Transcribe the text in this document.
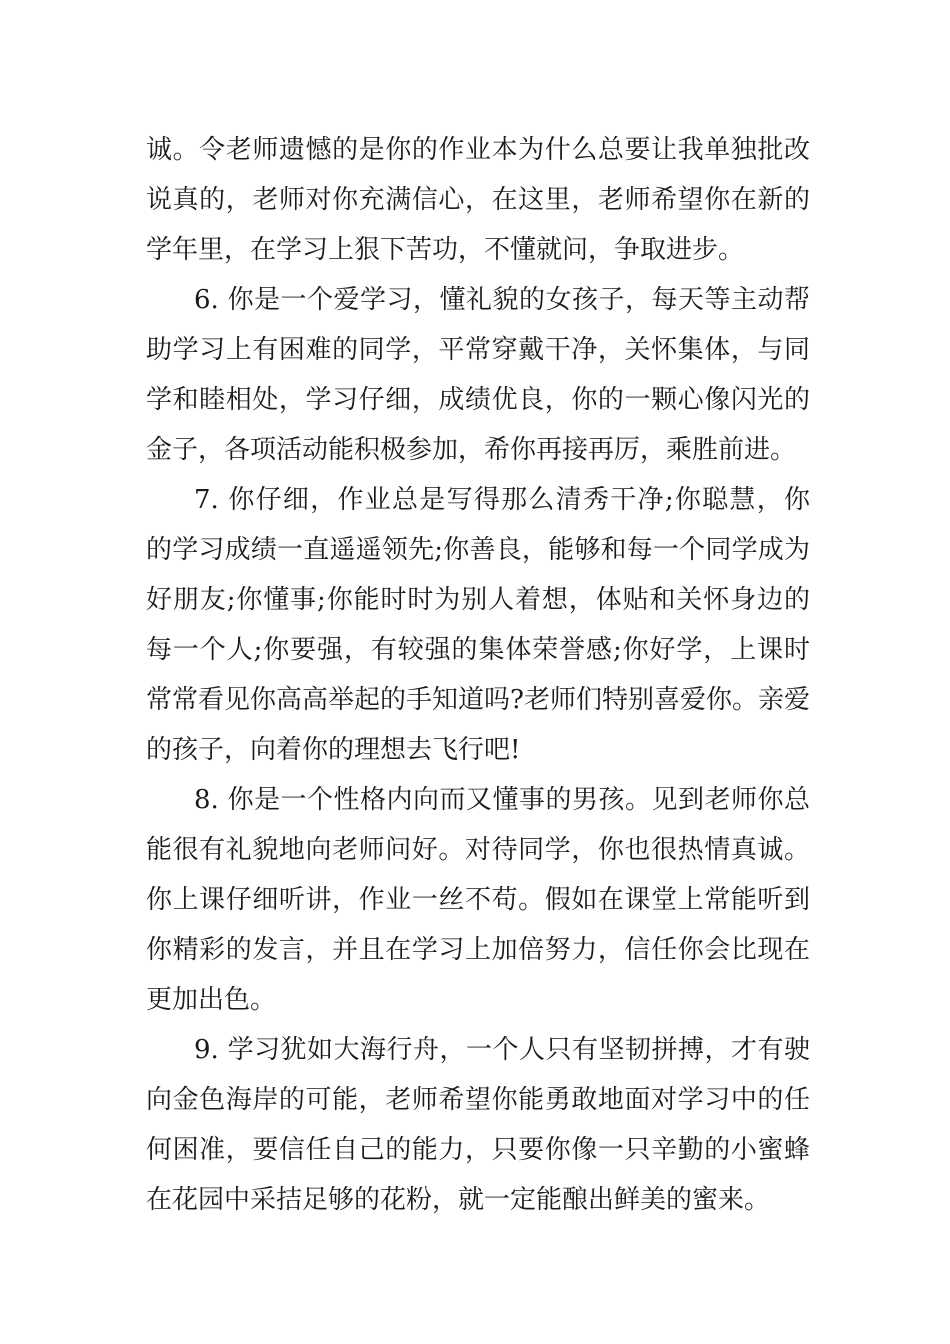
诚。令老师遗憾的是你的作业本为什么总要让我单独批改
说真的，老师对你充满信心，在这里，老师希望你在新的
学年里，在学习上狠下苦功，不懂就问，争取进步。
6. 你是一个爱学习，懂礼貌的女孩子，每天等主动帮
助学习上有困难的同学，平常穿戴干净，关怀集体，与同
学和睦相处，学习仔细，成绩优良，你的一颗心像闪光的
金子，各项活动能积极参加，希你再接再厉，乘胜前进。
7. 你仔细，作业总是写得那么清秀干净;你聪慧，你
的学习成绩一直遥遥领先;你善良，能够和每一个同学成为
好朋友;你懂事;你能时时为别人着想，体贴和关怀身边的
每一个人;你要强，有较强的集体荣誉感;你好学，上课时
常常看见你高高举起的手知道吗?老师们特别喜爱你。亲爱
的孩子，向着你的理想去飞行吧!
8. 你是一个性格内向而又懂事的男孩。见到老师你总
能很有礼貌地向老师问好。对待同学，你也很热情真诚。
你上课仔细听讲，作业一丝不苟。假如在课堂上常能听到
你精彩的发言，并且在学习上加倍努力，信任你会比现在
更加出色。
9. 学习犹如大海行舟，一个人只有坚韧拼搏，才有驶
向金色海岸的可能，老师希望你能勇敢地面对学习中的任
何困准，要信任自己的能力，只要你像一只辛勤的小蜜蜂
在花园中采拮足够的花粉，就一定能酿出鲜美的蜜来。
